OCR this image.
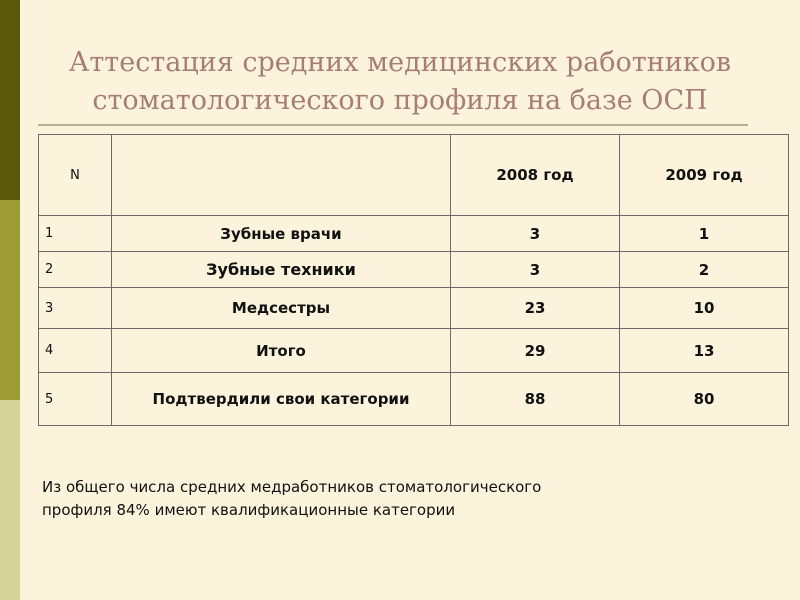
Аттестация средних медицинских работников
стоматологического профиля на базе ОСП
N		2008 год	2009 год
1	Зубные врачи	3	1
2	Зубные техники	3	2
3	Медсестры	23	10
4	Итого	29	13
5	Подтвердили свои категории	88	80
Из общего числа средних медработников стоматологического
профиля 84% имеют квалификационные категории
